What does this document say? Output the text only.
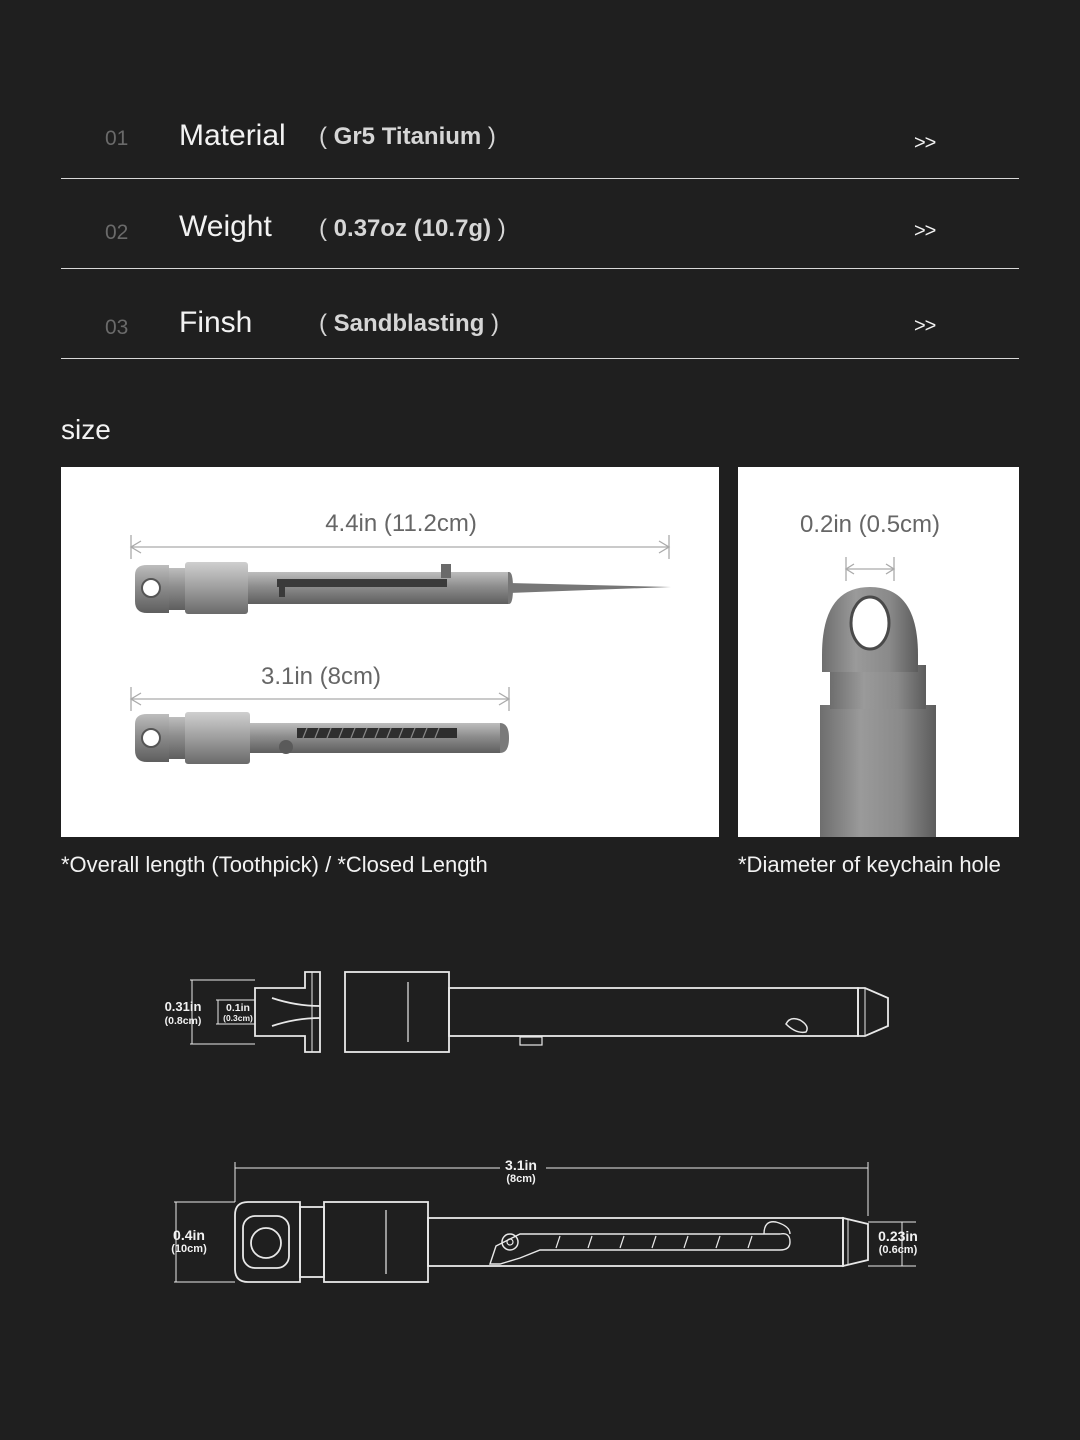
01 Material ( Gr5 Titanium )	>>
02 Weight ( 0.37oz (10.7g) )	>>
03 Finsh	( Sandblasting )	>>
size
4.4in (11.2cm)
3.1in (8cm)
0.2in (0.5cm)
*Overall length (Toothpick) / *Closed Length	*Diameter of keychain hole
0.31in
(0.8cm)
0.1in
(0.3cm)
3.1in
(8cm)
0.4in
(10cm)
0.23in
(0.6cm)
